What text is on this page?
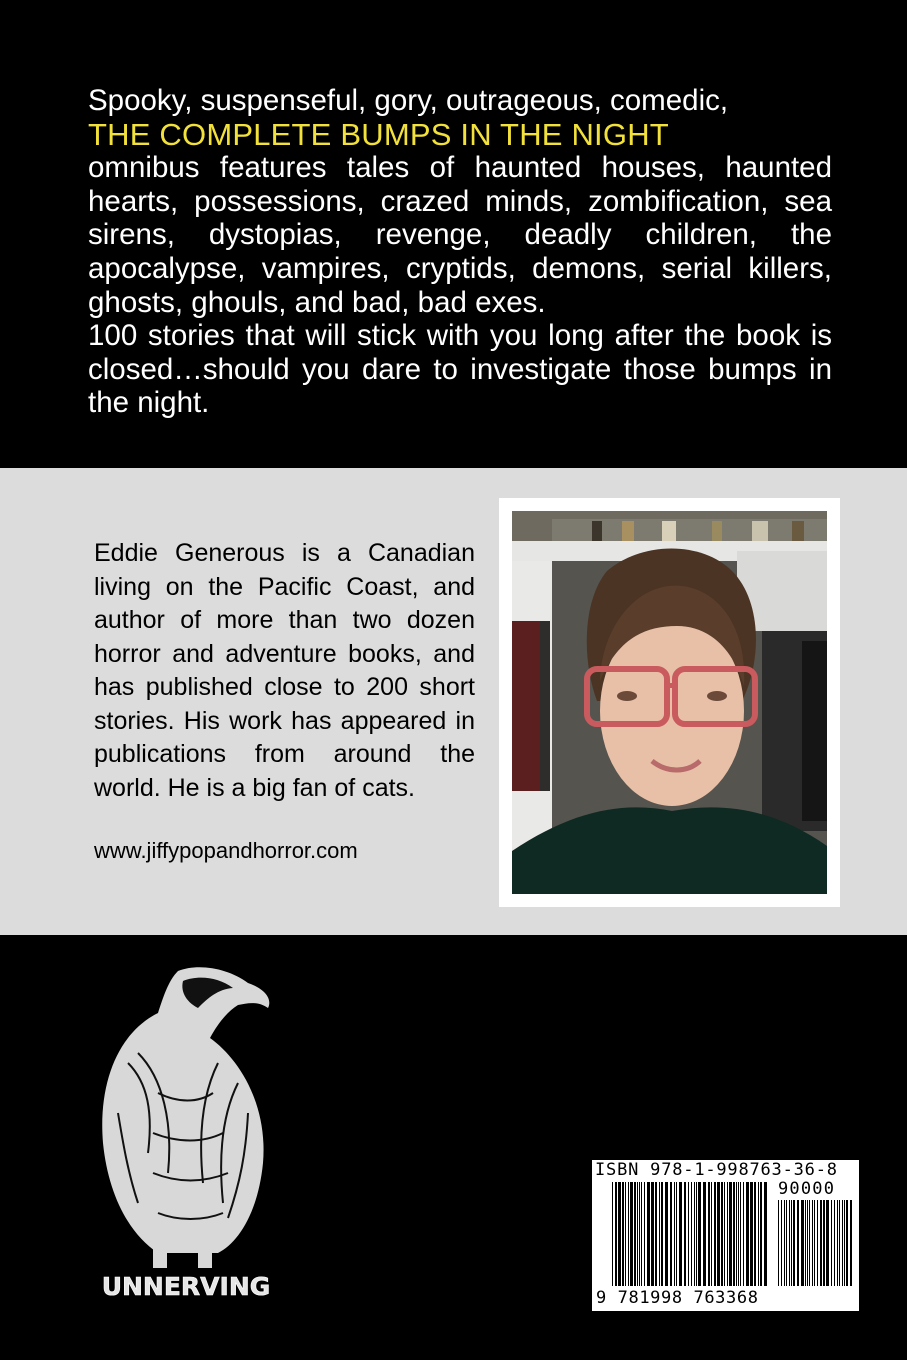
Spooky, suspenseful, gory, outrageous, comedic,

THE COMPLETE BUMPS IN THE NIGHT

omnibus features tales of haunted houses, haunted hearts, possessions, crazed minds, zombification, sea sirens, dystopias, revenge, deadly children, the apocalypse, vampires, cryptids, demons, serial killers, ghosts, ghouls, and bad, bad exes.

100 stories that will stick with you long after the book is closed…should you dare to investigate those bumps in the night.

Eddie Generous is a Canadian living on the Pacific Coast, and author of more than two dozen horror and adventure books, and has published close to 200 short stories. His work has appeared in publications from around the world. He is a big fan of cats.

www.jiffypopandhorror.com
UNNERVING
ISBN 978-1-998763-36-8
90000
9 781998 763368
